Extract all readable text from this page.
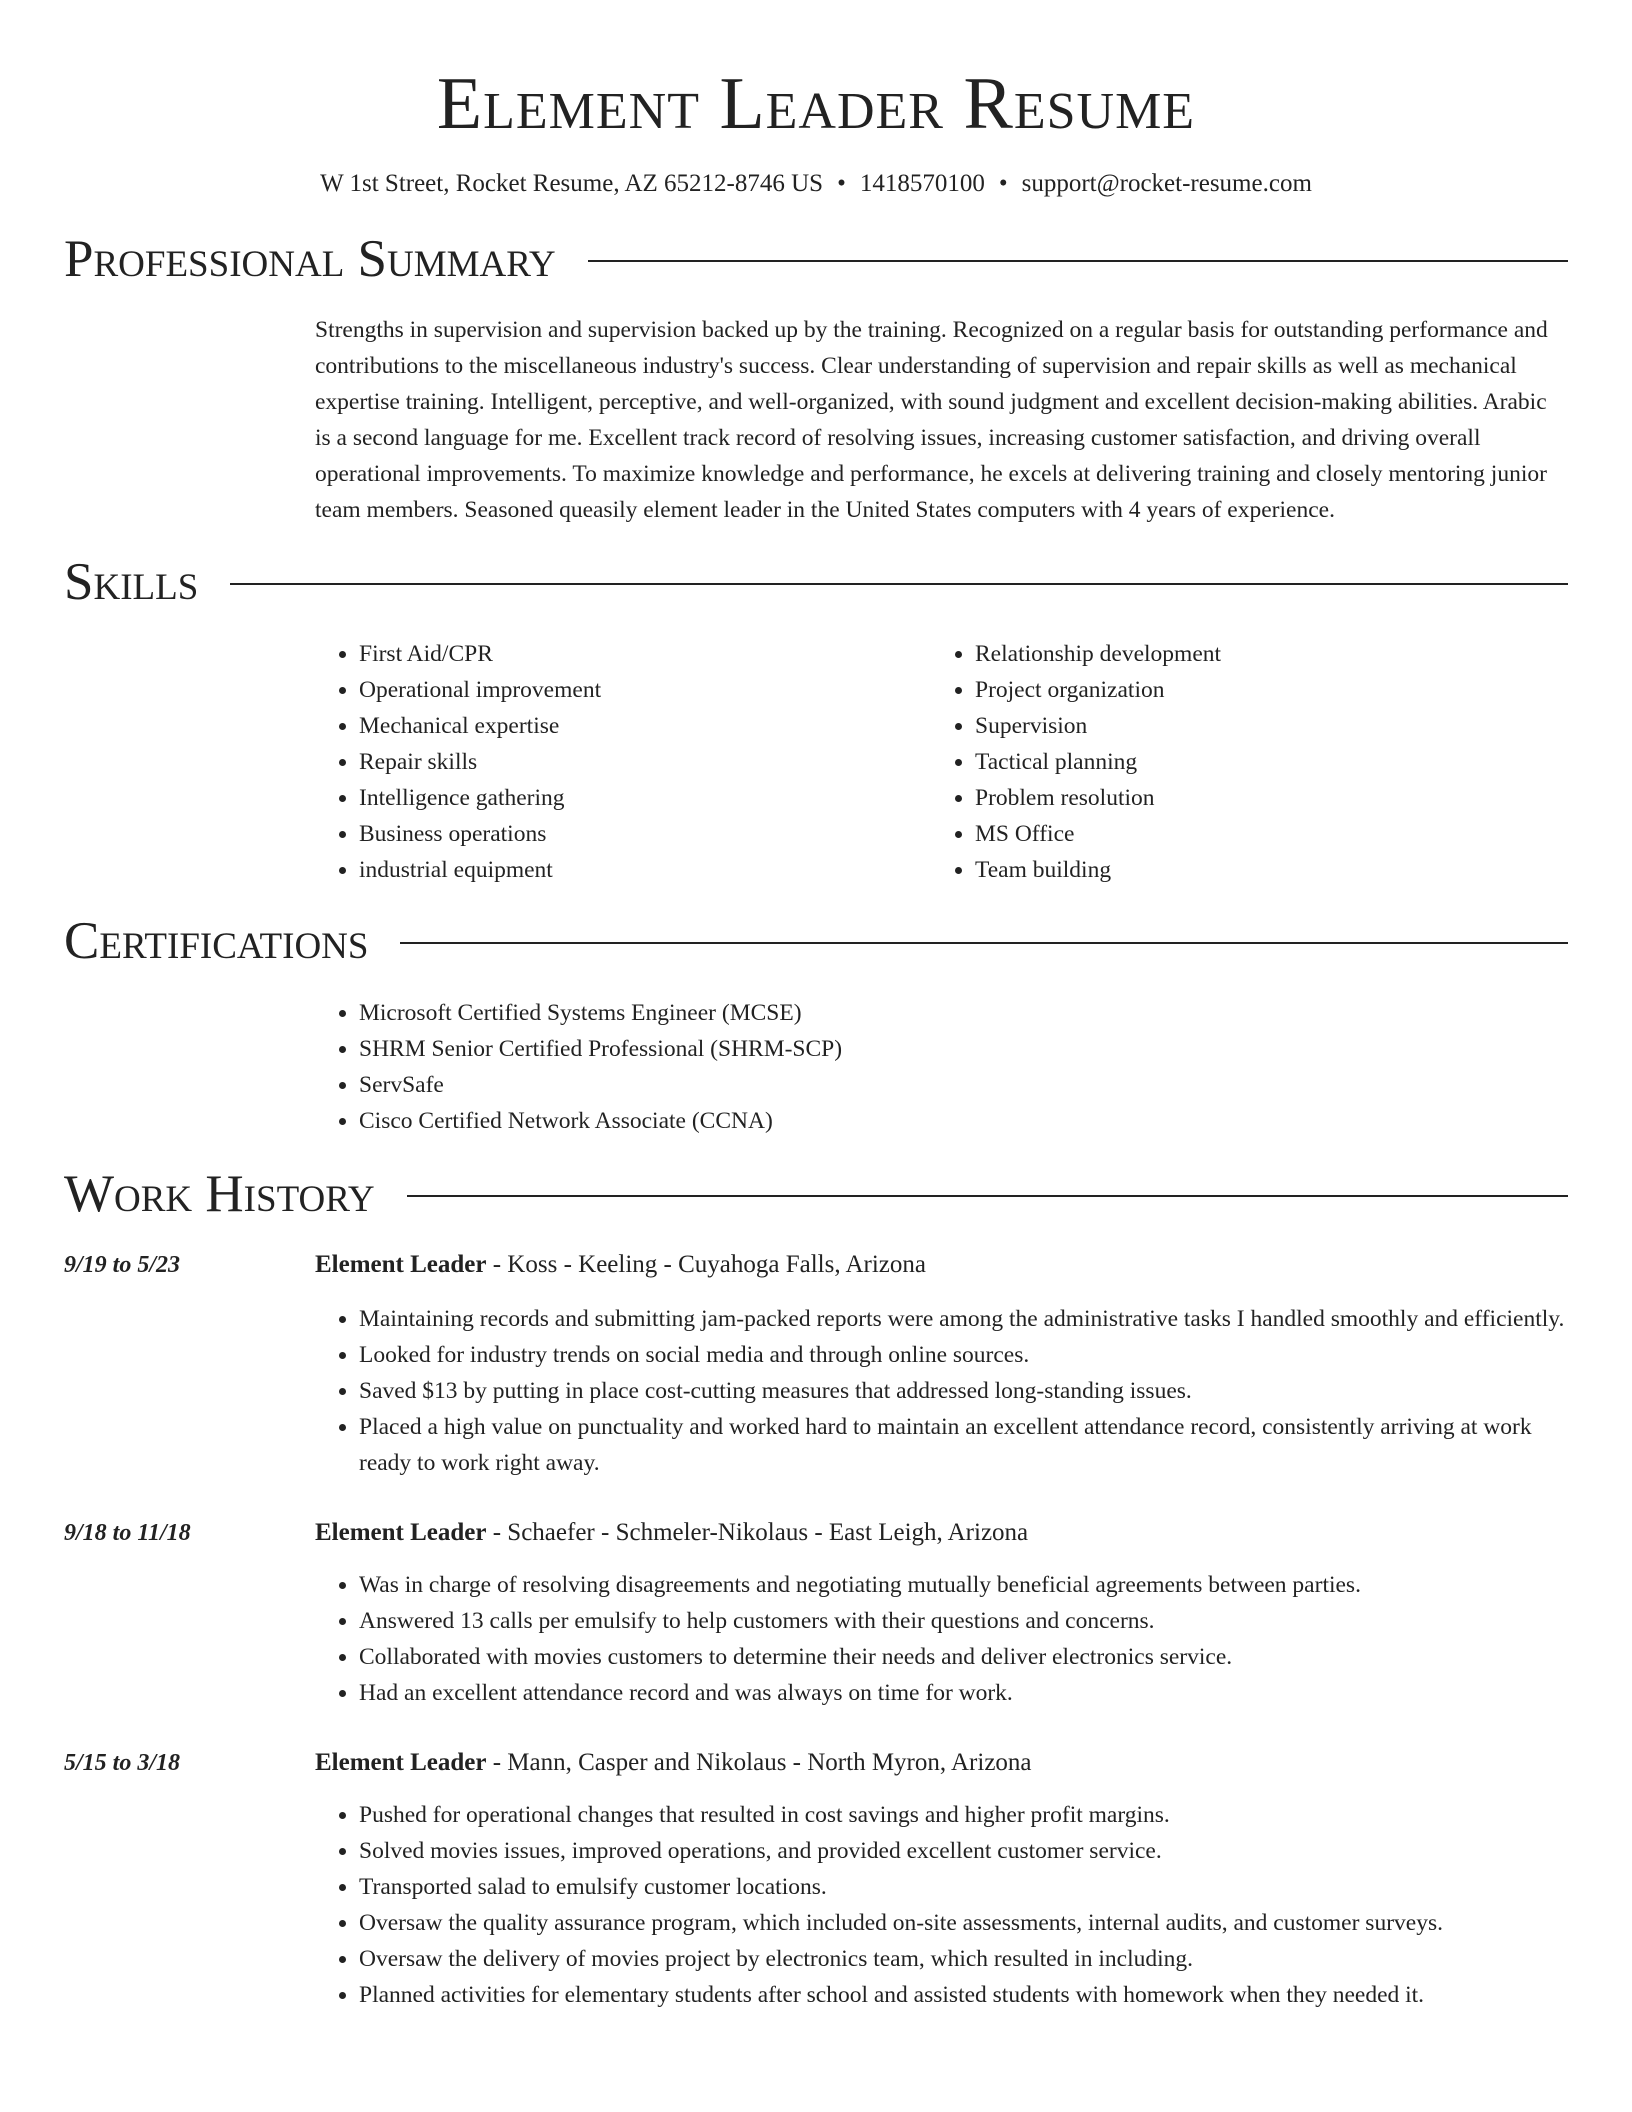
Element Leader Resume
W 1st Street, Rocket Resume, AZ 65212-8746 US • 1418570100 • support@rocket-resume.com
Professional Summary

Strengths in supervision and supervision backed up by the training. Recognized on a regular basis for outstanding performance and contributions to the miscellaneous industry's success. Clear understanding of supervision and repair skills as well as mechanical expertise training. Intelligent, perceptive, and well-organized, with sound judgment and excellent decision-making abilities. Arabic is a second language for me. Excellent track record of resolving issues, increasing customer satisfaction, and driving overall operational improvements. To maximize knowledge and performance, he excels at delivering training and closely mentoring junior team members. Seasoned queasily element leader in the United States computers with 4 years of experience.

Skills
• First Aid/CPR
• Operational improvement
• Mechanical expertise
• Repair skills
• Intelligence gathering
• Business operations
• industrial equipment
• Relationship development
• Project organization
• Supervision
• Tactical planning
• Problem resolution
• MS Office
• Team building
Certifications
• Microsoft Certified Systems Engineer (MCSE)
• SHRM Senior Certified Professional (SHRM-SCP)
• ServSafe
• Cisco Certified Network Associate (CCNA)
Work History
9/19 to 5/23	Element Leader - Koss - Keeling - Cuyahoga Falls, Arizona
• Maintaining records and submitting jam-packed reports were among the administrative tasks I handled smoothly and efficiently.
• Looked for industry trends on social media and through online sources.
• Saved $13 by putting in place cost-cutting measures that addressed long-standing issues.
• Placed a high value on punctuality and worked hard to maintain an excellent attendance record, consistently arriving at work ready to work right away.
9/18 to 11/18	Element Leader - Schaefer - Schmeler-Nikolaus - East Leigh, Arizona
• Was in charge of resolving disagreements and negotiating mutually beneficial agreements between parties.
• Answered 13 calls per emulsify to help customers with their questions and concerns.
• Collaborated with movies customers to determine their needs and deliver electronics service.
• Had an excellent attendance record and was always on time for work.
5/15 to 3/18	Element Leader - Mann, Casper and Nikolaus - North Myron, Arizona
• Pushed for operational changes that resulted in cost savings and higher profit margins.
• Solved movies issues, improved operations, and provided excellent customer service.
• Transported salad to emulsify customer locations.
• Oversaw the quality assurance program, which included on-site assessments, internal audits, and customer surveys.
• Oversaw the delivery of movies project by electronics team, which resulted in including.
• Planned activities for elementary students after school and assisted students with homework when they needed it.
